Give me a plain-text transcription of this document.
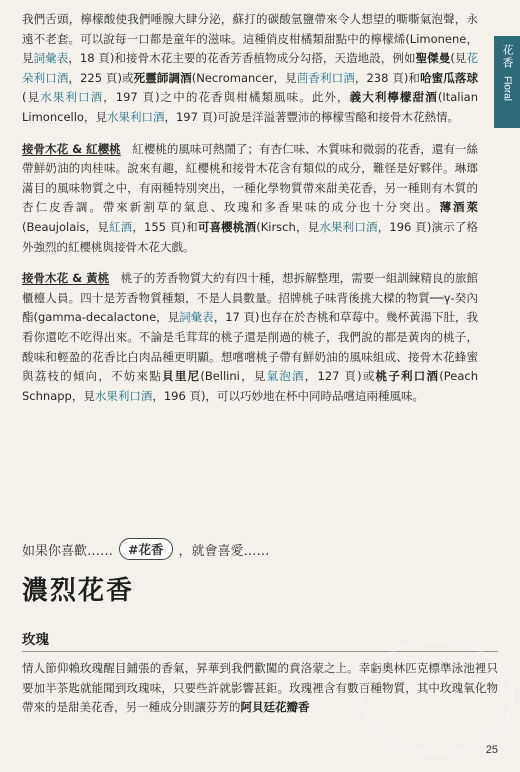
花香
Floral

我們舌頭，檸檬酸使我們唾腺大肆分泌，蘇打的碳酸氫鹽帶來令人想望的嘶嘶氣泡聲，永遠不老套。可以說每一口都是童年的滋味。這種俏皮柑橘類甜點中的檸檬烯(Limonene，見詞彙表，18 頁)和接骨木花主要的花香芳香植物成分勾搭，天造地設，例如聖傑曼(見花朵利口酒，225 頁)或死靈師調酒(Necromancer，見茴香利口酒，238 頁)和哈蜜瓜落球(見水果利口酒，197 頁)之中的花香與柑橘類風味。此外，義大利檸檬甜酒(Italian Limoncello，見水果利口酒，197 頁)可說是洋溢著豐沛的檸檬雪酪和接骨木花熱情。

接骨木花 & 紅櫻桃　紅櫻桃的風味可熱鬧了；有杏仁味、木質味和微弱的花香，還有一絲帶鮮奶油的肉桂味。說來有趣，紅櫻桃和接骨木花含有類似的成分，難怪是好夥伴。琳瑯滿目的風味物質之中，有兩種特別突出，一種化學物質帶來甜美花香，另一種則有木質的杏仁皮香調。帶來新割草的氣息、玫瑰和多香果味的成分也十分突出。薄酒萊(Beaujolais，見紅酒，155 頁)和可喜櫻桃酒(Kirsch，見水果利口酒，196 頁)演示了格外強烈的紅櫻桃與接骨木花大戲。

接骨木花 & 黃桃　桃子的芳香物質大約有四十種，想拆解整理，需要一組訓練精良的旅館櫃檯人員。四十是芳香物質種類，不是人員數量。招牌桃子味背後挑大樑的物質──γ-癸內酯(gamma-decalactone，見詞彙表，17 頁)也存在於杏桃和草莓中。幾杯黃湯下肚，我看你還吃不吃得出來。不論是毛茸茸的桃子還是削過的桃子，我們說的都是黃肉的桃子，酸味和輕盈的花香比白肉品種更明顯。想嚐嚐桃子帶有鮮奶油的風味組成、接骨木花蜂蜜與荔枝的傾向，不妨來點貝里尼(Bellini，見氣泡酒，127 頁)或桃子利口酒(Peach Schnapp，見水果利口酒，196 頁)，可以巧妙地在杯中同時品嚐這兩種風味。

如果你喜歡……	#花香	，就會喜愛……
濃烈花香
玫瑰
情人節仰賴玫瑰醒目鋪張的香氣，昇華到我們歡闖的賁洛蒙之上。幸虧奧林匹克標準泳池裡只要加半茶匙就能聞到玫瑰味，只要些許就影響甚鉅。玫瑰裡含有數百種物質，其中玫瑰氧化物帶來的是甜美花香，另一種成分則讓芬芳的阿貝廷花瓣香
25
